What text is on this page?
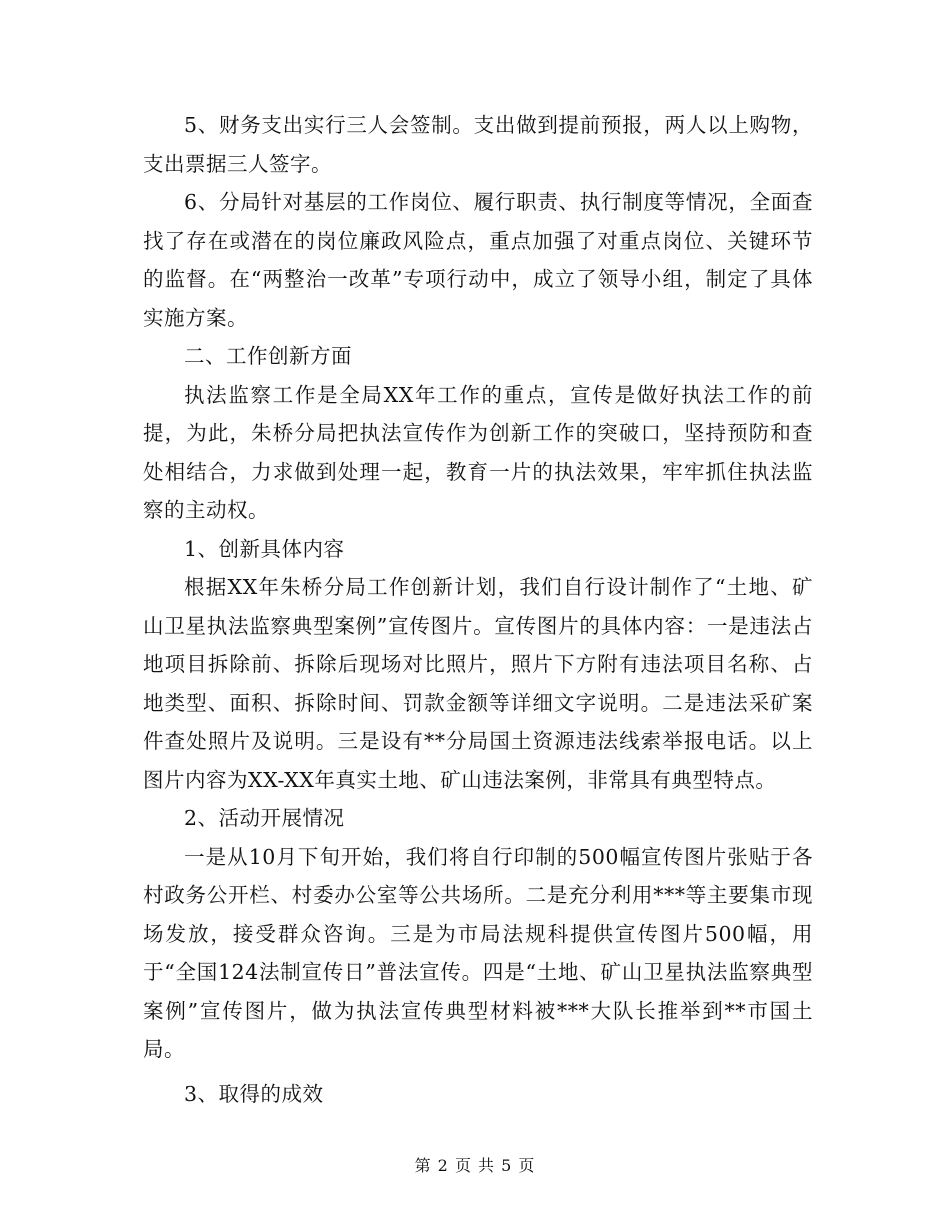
5、财务支出实行三人会签制。支出做到提前预报，两人以上购物，支出票据三人签字。

6、分局针对基层的工作岗位、履行职责、执行制度等情况，全面查找了存在或潜在的岗位廉政风险点，重点加强了对重点岗位、关键环节的监督。在“两整治一改革”专项行动中，成立了领导小组，制定了具体实施方案。

二、工作创新方面

执法监察工作是全局XX年工作的重点，宣传是做好执法工作的前提，为此，朱桥分局把执法宣传作为创新工作的突破口，坚持预防和查处相结合，力求做到处理一起，教育一片的执法效果，牢牢抓住执法监察的主动权。

1、创新具体内容

根据XX年朱桥分局工作创新计划，我们自行设计制作了“土地、矿山卫星执法监察典型案例”宣传图片。宣传图片的具体内容：一是违法占地项目拆除前、拆除后现场对比照片，照片下方附有违法项目名称、占地类型、面积、拆除时间、罚款金额等详细文字说明。二是违法采矿案件查处照片及说明。三是设有**分局国土资源违法线索举报电话。以上图片内容为XX-XX年真实土地、矿山违法案例，非常具有典型特点。

2、活动开展情况

一是从10月下旬开始，我们将自行印制的500幅宣传图片张贴于各村政务公开栏、村委办公室等公共场所。二是充分利用***等主要集市现场发放，接受群众咨询。三是为市局法规科提供宣传图片500幅，用于“全国124法制宣传日”普法宣传。四是“土地、矿山卫星执法监察典型案例”宣传图片，做为执法宣传典型材料被***大队长推举到**市国土局。

3、取得的成效

第 2 页 共 5 页
